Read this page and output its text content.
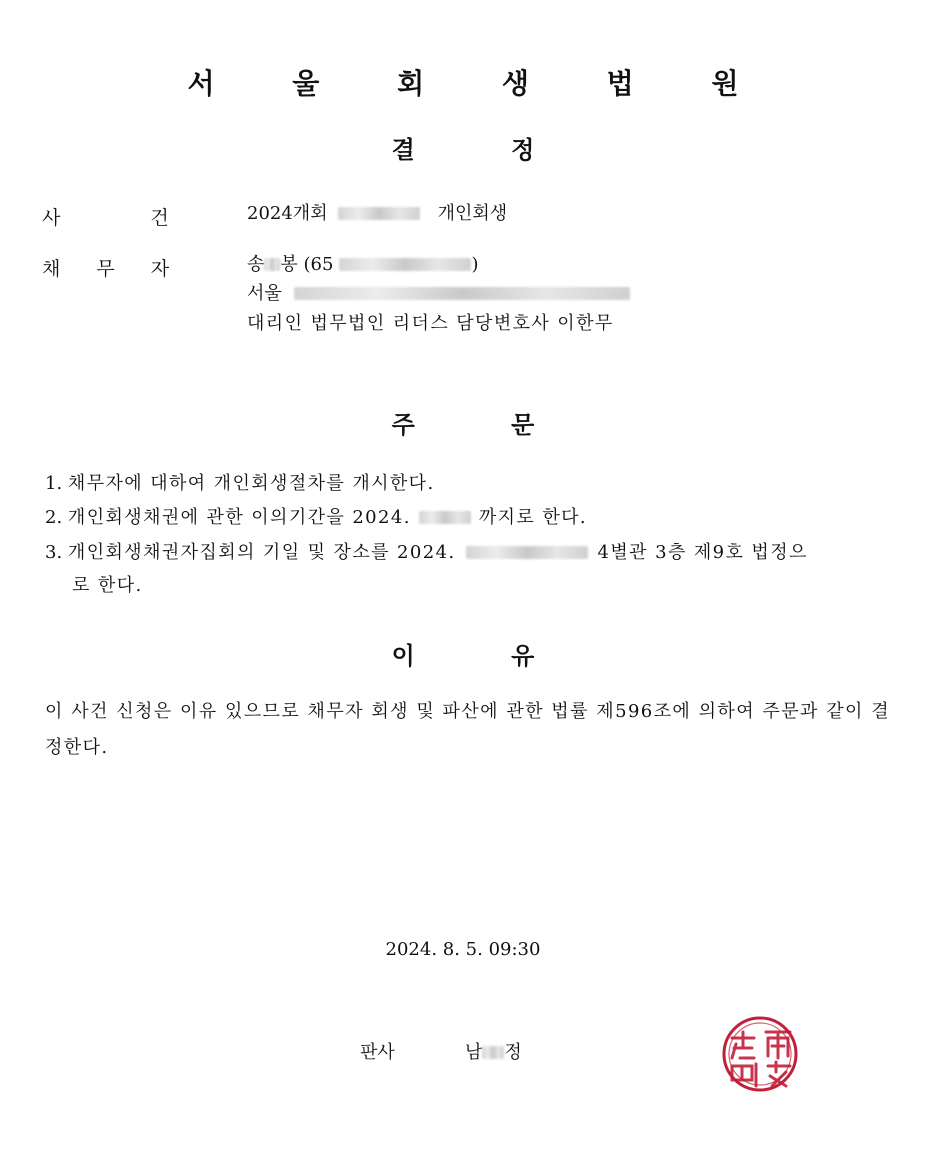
서 울 회 생 법 원
결 정
사 건	2024개회	개인회생
채 무 자	송 봉 (65	)
서울
대리인 법무법인 리더스 담당변호사 이한무
주 문
1. 채무자에 대하여 개인회생절차를 개시한다.
2. 개인회생채권에 관한 이의기간을 2024.	까지로 한다.
3. 개인회생채권자집회의 기일 및 장소를 2024.	4별관 3층 제9호 법정으
로 한다.
이 유
이 사건 신청은 이유 있으므로 채무자 회생 및 파산에 관한 법률 제596조에 의하여 주문과 같이 결정한다.
2024. 8. 5. 09:30
판사	남 정
